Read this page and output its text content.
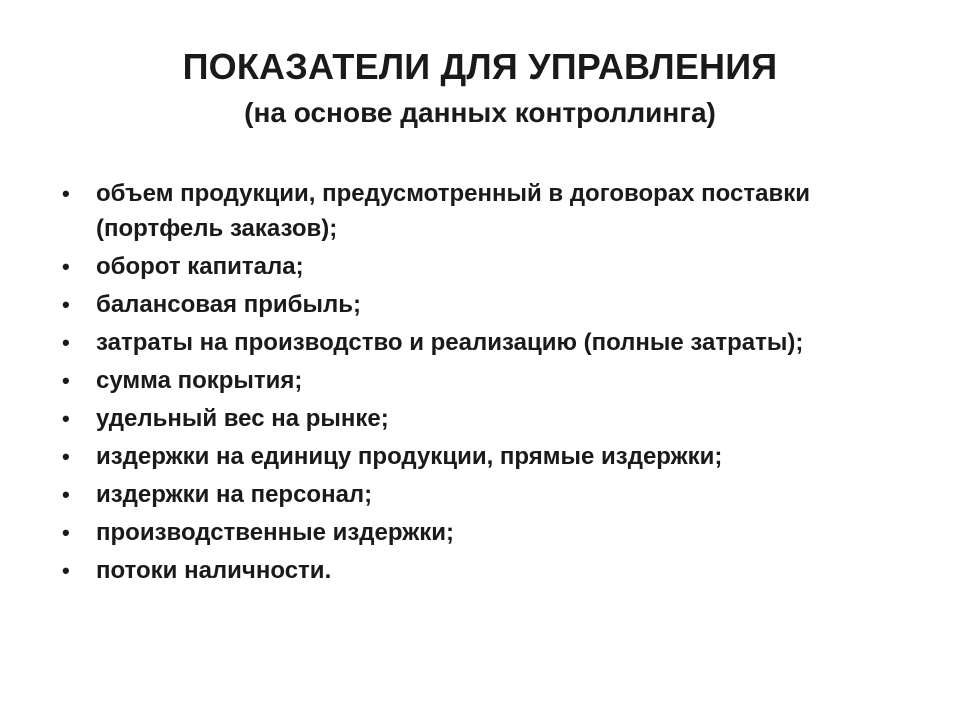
ПОКАЗАТЕЛИ ДЛЯ УПРАВЛЕНИЯ
(на основе данных контроллинга)
•	объем продукции, предусмотренный в договорах поставки (портфель заказов);
•	оборот капитала;
•	балансовая прибыль;
•	затраты на производство и реализацию (полные затраты);
•	сумма покрытия;
•	удельный вес на рынке;
•	издержки на единицу продукции, прямые издержки;
•	издержки на персонал;
•	производственные издержки;
•	потоки наличности.
